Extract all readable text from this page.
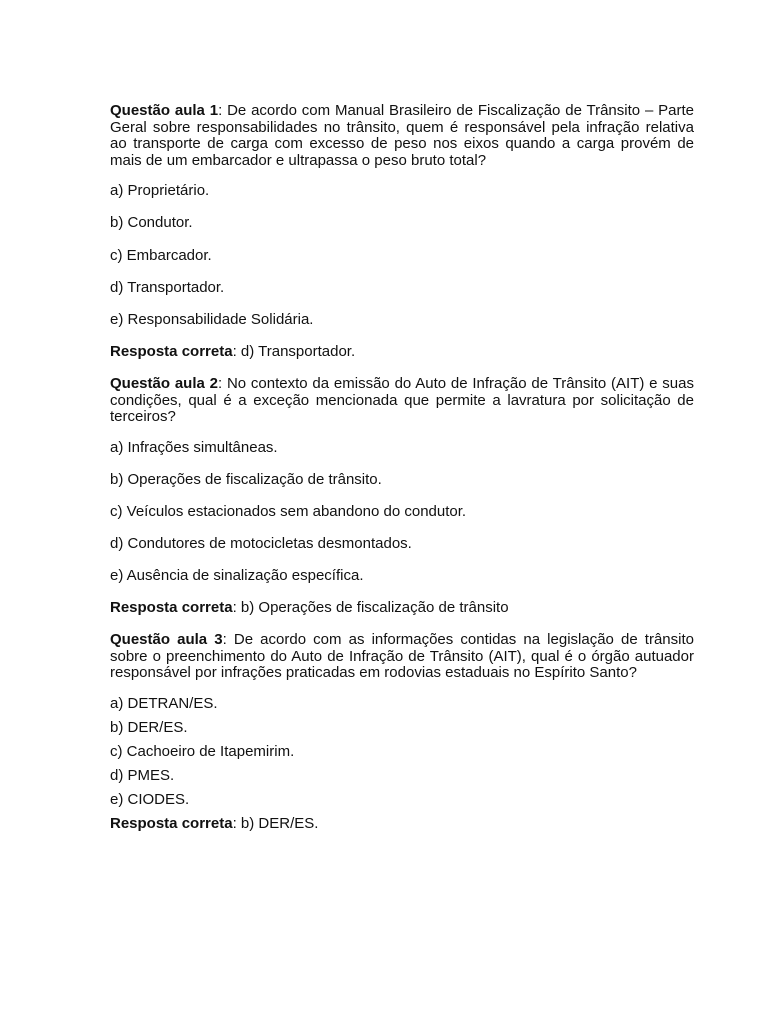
Questão aula 1: De acordo com Manual Brasileiro de Fiscalização de Trânsito – Parte Geral sobre responsabilidades no trânsito, quem é responsável pela infração relativa ao transporte de carga com excesso de peso nos eixos quando a carga provém de mais de um embarcador e ultrapassa o peso bruto total?

a) Proprietário.

b) Condutor.

c) Embarcador.

d) Transportador.

e) Responsabilidade Solidária.

Resposta correta: d) Transportador.

Questão aula 2: No contexto da emissão do Auto de Infração de Trânsito (AIT) e suas condições, qual é a exceção mencionada que permite a lavratura por solicitação de terceiros?

a) Infrações simultâneas.

b) Operações de fiscalização de trânsito.

c) Veículos estacionados sem abandono do condutor.

d) Condutores de motocicletas desmontados.

e) Ausência de sinalização específica.

Resposta correta: b) Operações de fiscalização de trânsito

Questão aula 3: De acordo com as informações contidas na legislação de trânsito sobre o preenchimento do Auto de Infração de Trânsito (AIT), qual é o órgão autuador responsável por infrações praticadas em rodovias estaduais no Espírito Santo?

a) DETRAN/ES.

b) DER/ES.

c) Cachoeiro de Itapemirim.

d) PMES.

e) CIODES.

Resposta correta: b) DER/ES.
